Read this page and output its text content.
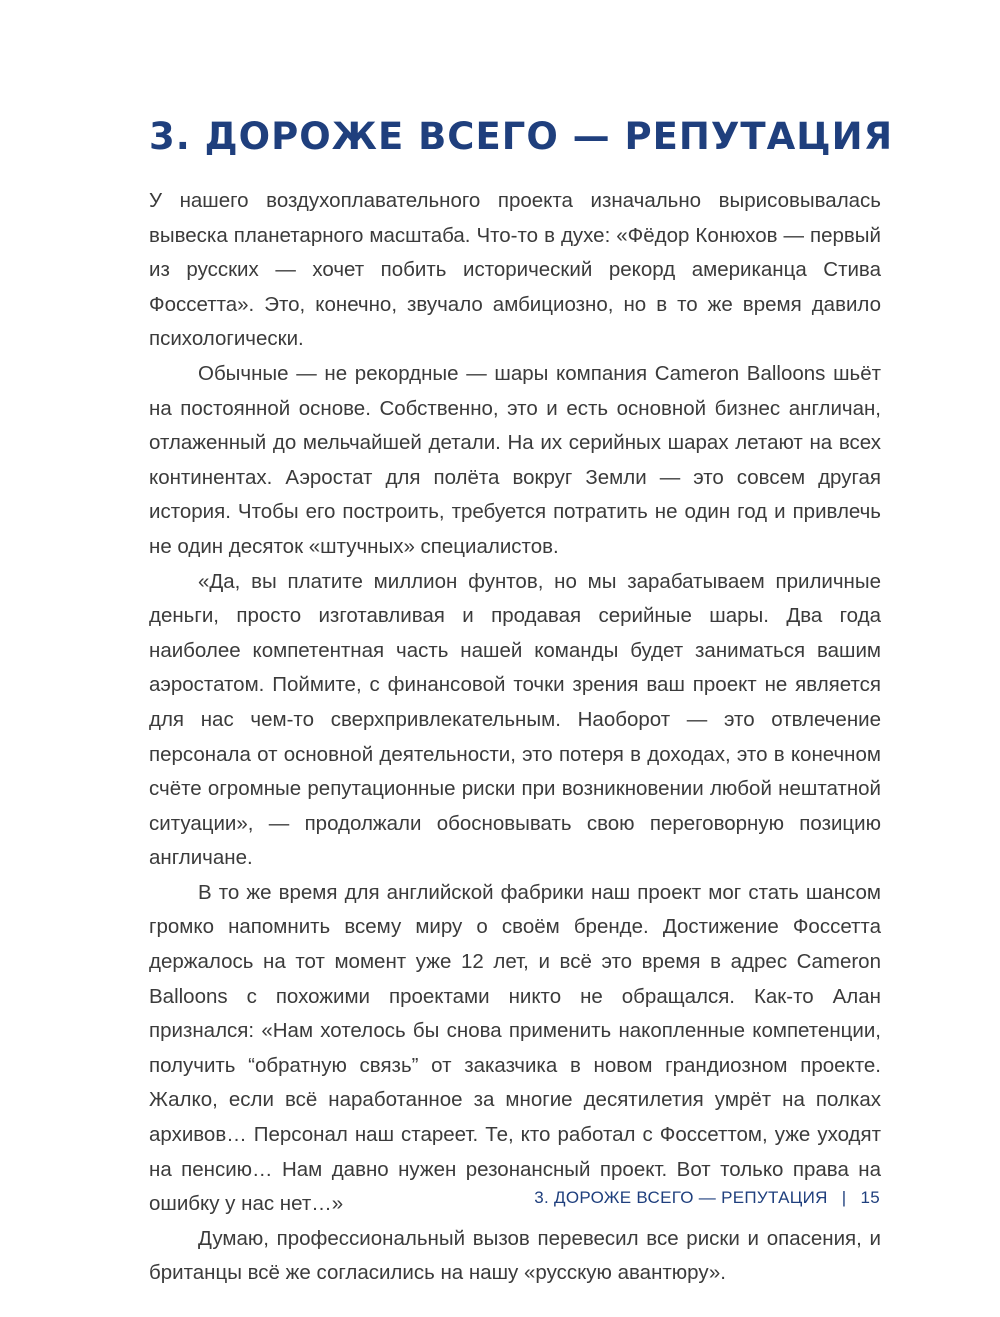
3. ДОРОЖЕ ВСЕГО — РЕПУТАЦИЯ

У нашего воздухоплавательного проекта изначально вырисовывалась вывеска планетарного масштаба. Что-то в духе: «Фёдор Конюхов — первый из русских — хочет побить исторический рекорд американца Стива Фоссетта». Это, конечно, звучало амбициозно, но в то же время давило психологически.

Обычные — не рекордные — шары компания Cameron Balloons шьёт на постоянной основе. Собственно, это и есть основной бизнес англичан, отлаженный до мельчайшей детали. На их серийных шарах летают на всех континентах. Аэростат для полёта вокруг Земли — это совсем другая история. Чтобы его построить, требуется потратить не один год и привлечь не один десяток «штучных» специалистов.

«Да, вы платите миллион фунтов, но мы зарабатываем приличные деньги, просто изготавливая и продавая серийные шары. Два года наиболее компетентная часть нашей команды будет заниматься вашим аэростатом. Поймите, с финансовой точки зрения ваш проект не является для нас чем-то сверхпривлекательным. Наоборот — это отвлечение персонала от основной деятельности, это потеря в доходах, это в конечном счёте огромные репутационные риски при возникновении любой нештатной ситуации», — продолжали обосновывать свою переговорную позицию англичане.

В то же время для английской фабрики наш проект мог стать шансом громко напомнить всему миру о своём бренде. Достижение Фоссетта держалось на тот момент уже 12 лет, и всё это время в адрес Cameron Balloons с похожими проектами никто не обращался. Как-то Алан признался: «Нам хотелось бы снова применить накопленные компетенции, получить “обратную связь” от заказчика в новом грандиозном проекте. Жалко, если всё наработанное за многие десятилетия умрёт на полках архивов… Персонал наш стареет. Те, кто работал с Фоссеттом, уже уходят на пенсию… Нам давно нужен резонансный проект. Вот только права на ошибку у нас нет…»

Думаю, профессиональный вызов перевесил все риски и опасения, и британцы всё же согласились на нашу «русскую авантюру».

3. ДОРОЖЕ ВСЕГО — РЕПУТАЦИЯ | 15
